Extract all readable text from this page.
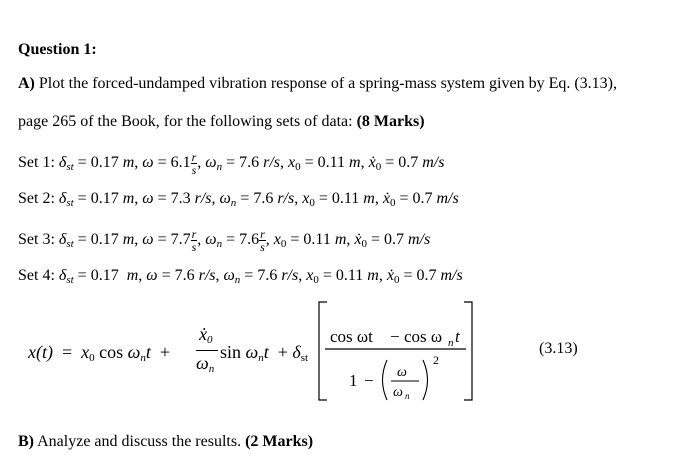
Question 1:
A) Plot the forced-undamped vibration response of a spring-mass system given by Eq. (3.13),
page 265 of the Book, for the following sets of data: (8 Marks)
Set 1: $\delta_{st} = 0.17$ m, $\omega = 6.1 \frac{r}{s}$ , $\omega_n = 7.6$ r/s, $x_0 = 0.11$ m, ẋ$_0$ = 0.7 m/s
Set 2: $\delta_{st} = 0.17$ m, ω = 7.3 r/s, $\omega_n = 7.6$ r/s, $x_0 = 0.11$ m, ẋ$_0$ = 0.7 m/s
Set 3: $\delta_{st} = 0.17$ m, $\omega = 7.7 \frac{r}{s}$ , $\omega_n = 7.6 \frac{r}{s}$ , $x_0 = 0.11$ m, ẋ$_0$ = 0.7 m/s
Set 4: $\delta_{st} = 0.17$ m, ω = 7.6 r/s, $\omega_n = 7.6$ r/s, $x_0 = 0.11$ m, ẋ$_0$ = 0.7 m/s
$x(t) = x_0$ $\cos \omega_nt$ +
ẋ$_0$
$\omega_n$
$\sin \omega_nt + \delta_{st}$
cos ωt − cos ω n t
1 − ω
ω n
2
(3.13)
B) Analyze and discuss the results. (2 Marks)
